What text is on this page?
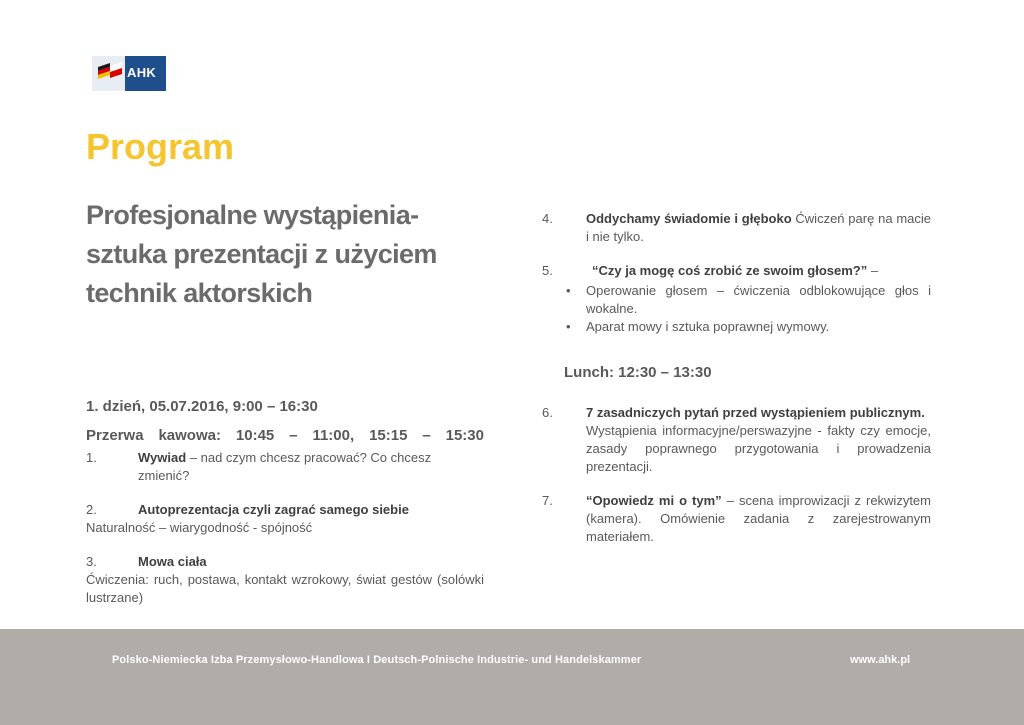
AHK
Program
Profesjonalne wystąpienia- sztuka prezentacji z użyciem technik aktorskich
1. dzień, 05.07.2016, 9:00 – 16:30
Przerwa kawowa: 10:45 – 11:00, 15:15 – 15:30
1.	Wywiad – nad czym chcesz pracować? Co chcesz zmienić?
2.	Autoprezentacja czyli zagrać samego siebie
Naturalność – wiarygodność - spójność
3.	Mowa ciała
Ćwiczenia: ruch, postawa, kontakt wzrokowy, świat gestów (solówki lustrzane)
4.	Oddychamy świadomie i głęboko Ćwiczeń parę na macie i nie tylko.
5.	“Czy ja mogę coś zrobić ze swoim głosem?” –
• Operowanie głosem – ćwiczenia odblokowujące głos i wokalne.
• Aparat mowy i sztuka poprawnej wymowy.
Lunch: 12:30 – 13:30
6.	7 zasadniczych pytań przed wystąpieniem publicznym.
Wystąpienia informacyjne/perswazyjne - fakty czy emocje, zasady poprawnego przygotowania i prowadzenia prezentacji.
7.	“Opowiedz mi o tym” – scena improwizacji z rekwizytem (kamera). Omówienie zadania z zarejestrowanym materiałem.
Polsko-Niemiecka Izba Przemysłowo-Handlowa I Deutsch-Polnische Industrie- und Handelskammer	www.ahk.pl
